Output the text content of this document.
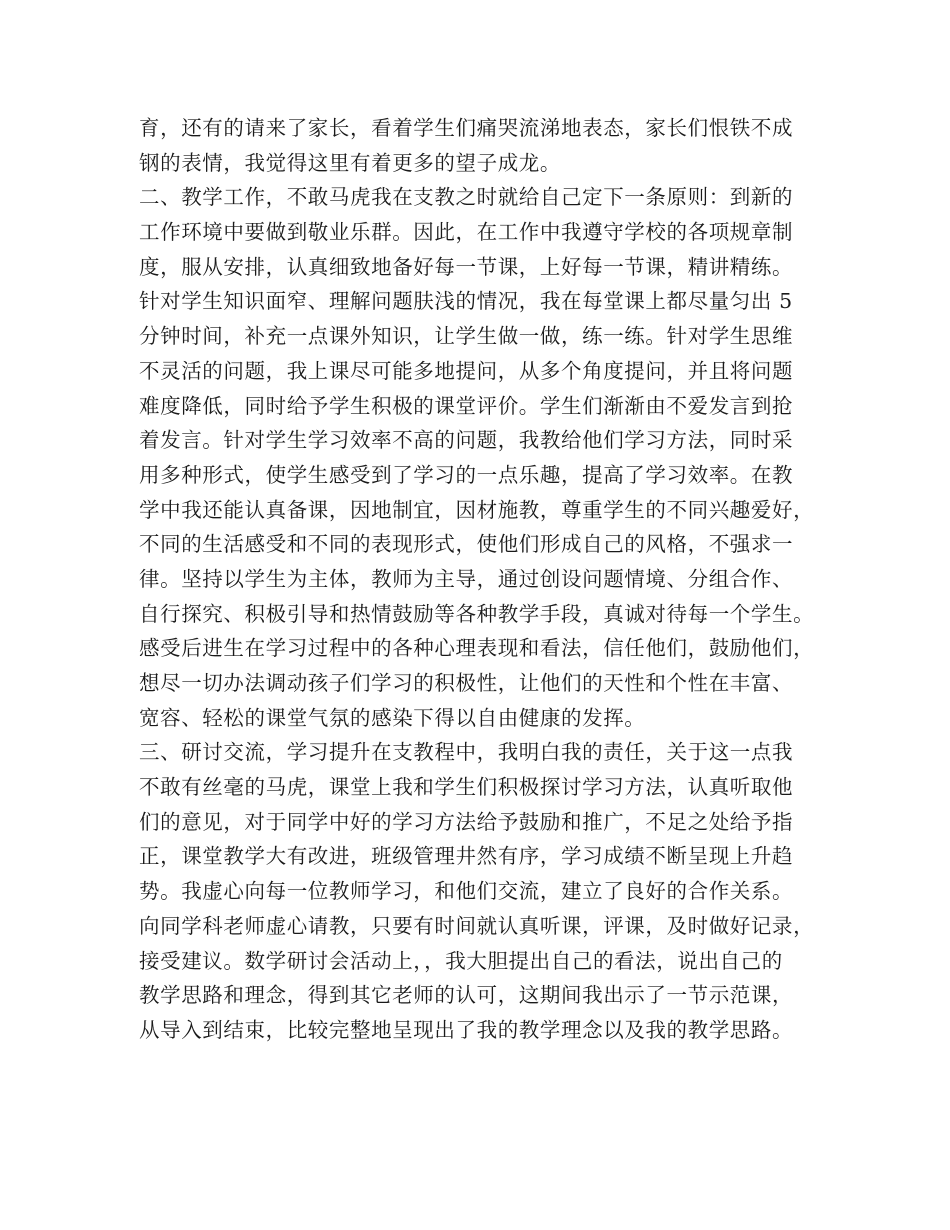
育，还有的请来了家长，看着学生们痛哭流涕地表态，家长们恨铁不成
钢的表情，我觉得这里有着更多的望子成龙。
二、教学工作，不敢马虎我在支教之时就给自己定下一条原则：到新的
工作环境中要做到敬业乐群。因此，在工作中我遵守学校的各项规章制
度，服从安排，认真细致地备好每一节课，上好每一节课，精讲精练。
针对学生知识面窄、理解问题肤浅的情况，我在每堂课上都尽量匀出 5
分钟时间，补充一点课外知识，让学生做一做，练一练。针对学生思维
不灵活的问题，我上课尽可能多地提问，从多个角度提问，并且将问题
难度降低，同时给予学生积极的课堂评价。学生们渐渐由不爱发言到抢
着发言。针对学生学习效率不高的问题，我教给他们学习方法，同时采
用多种形式，使学生感受到了学习的一点乐趣，提高了学习效率。在教
学中我还能认真备课，因地制宜，因材施教，尊重学生的不同兴趣爱好，
不同的生活感受和不同的表现形式，使他们形成自己的风格，不强求一
律。坚持以学生为主体，教师为主导，通过创设问题情境、分组合作、
自行探究、积极引导和热情鼓励等各种教学手段，真诚对待每一个学生。
感受后进生在学习过程中的各种心理表现和看法，信任他们，鼓励他们，
想尽一切办法调动孩子们学习的积极性，让他们的天性和个性在丰富、
宽容、轻松的课堂气氛的感染下得以自由健康的发挥。
三、研讨交流，学习提升在支教程中，我明白我的责任，关于这一点我
不敢有丝毫的马虎，课堂上我和学生们积极探讨学习方法，认真听取他
们的意见，对于同学中好的学习方法给予鼓励和推广，不足之处给予指
正，课堂教学大有改进，班级管理井然有序，学习成绩不断呈现上升趋
势。我虚心向每一位教师学习，和他们交流，建立了良好的合作关系。
向同学科老师虚心请教，只要有时间就认真听课，评课，及时做好记录，
接受建议。数学研讨会活动上，，我大胆提出自己的看法，说出自己的
教学思路和理念，得到其它老师的认可，这期间我出示了一节示范课，
从导入到结束，比较完整地呈现出了我的教学理念以及我的教学思路。
